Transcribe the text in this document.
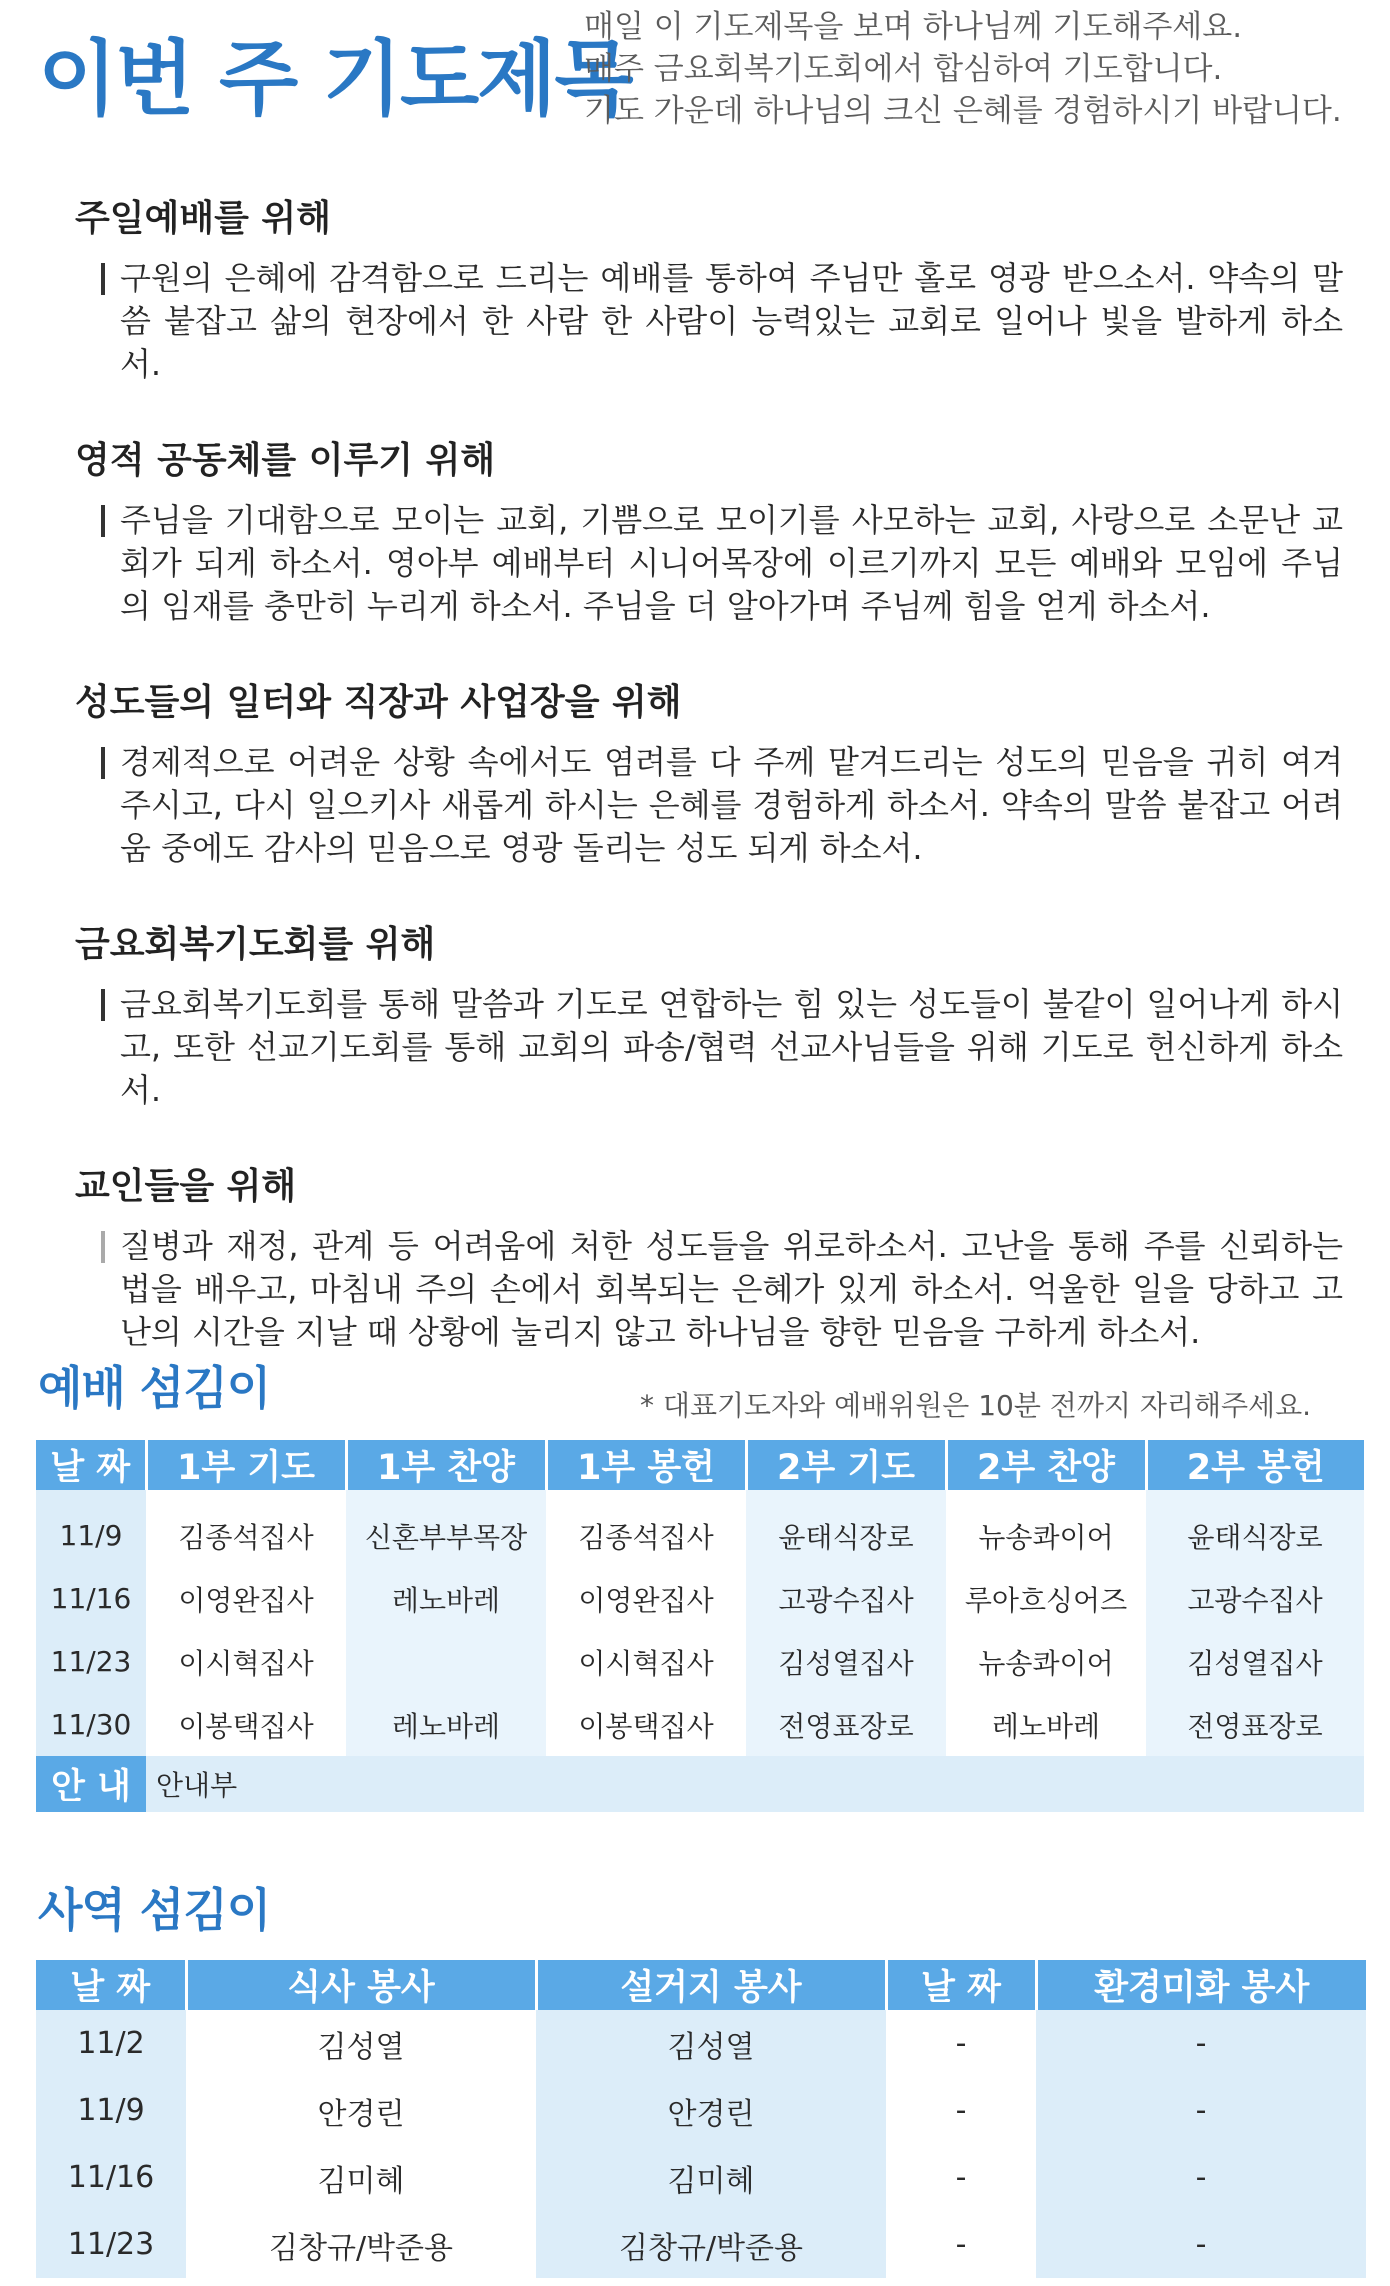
이번 주 기도제목
매일 이 기도제목을 보며 하나님께 기도해주세요.
매주 금요회복기도회에서 합심하여 기도합니다.
기도 가운데 하나님의 크신 은혜를 경험하시기 바랍니다.
주일예배를 위해
구원의 은혜에 감격함으로 드리는 예배를 통하여 주님만 홀로 영광 받으소서. 약속의 말씀 붙잡고 삶의 현장에서 한 사람 한 사람이 능력있는 교회로 일어나 빛을 발하게 하소서.
영적 공동체를 이루기 위해
주님을 기대함으로 모이는 교회, 기쁨으로 모이기를 사모하는 교회, 사랑으로 소문난 교회가 되게 하소서. 영아부 예배부터 시니어목장에 이르기까지 모든 예배와 모임에 주님의 임재를 충만히 누리게 하소서. 주님을 더 알아가며 주님께 힘을 얻게 하소서.
성도들의 일터와 직장과 사업장을 위해
경제적으로 어려운 상황 속에서도 염려를 다 주께 맡겨드리는 성도의 믿음을 귀히 여겨주시고, 다시 일으키사 새롭게 하시는 은혜를 경험하게 하소서. 약속의 말씀 붙잡고 어려움 중에도 감사의 믿음으로 영광 돌리는 성도 되게 하소서.
금요회복기도회를 위해
금요회복기도회를 통해 말씀과 기도로 연합하는 힘 있는 성도들이 불같이 일어나게 하시고, 또한 선교기도회를 통해 교회의 파송/협력 선교사님들을 위해 기도로 헌신하게 하소서.
교인들을 위해
질병과 재정, 관계 등 어려움에 처한 성도들을 위로하소서. 고난을 통해 주를 신뢰하는 법을 배우고, 마침내 주의 손에서 회복되는 은혜가 있게 하소서. 억울한 일을 당하고 고난의 시간을 지날 때 상황에 눌리지 않고 하나님을 향한 믿음을 구하게 하소서.
예배 섬김이	* 대표기도자와 예배위원은 10분 전까지 자리해주세요.
날 짜	1부 기도	1부 찬양	1부 봉헌	2부 기도	2부 찬양	2부 봉헌
11/9	김종석집사	신혼부부목장	김종석집사	윤태식장로	뉴송콰이어	윤태식장로
11/16	이영완집사	레노바레	이영완집사	고광수집사	루아흐싱어즈	고광수집사
11/23	이시혁집사		이시혁집사	김성열집사	뉴송콰이어	김성열집사
11/30	이봉택집사	레노바레	이봉택집사	전영표장로	레노바레	전영표장로
안 내	안내부					
사역 섬김이
날 짜	식사 봉사	설거지 봉사	날 짜	환경미화 봉사
11/2	김성열	김성열	-	-
11/9	안경린	안경린	-	-
11/16	김미혜	김미혜	-	-
11/23	김창규/박준용	김창규/박준용	-	-
